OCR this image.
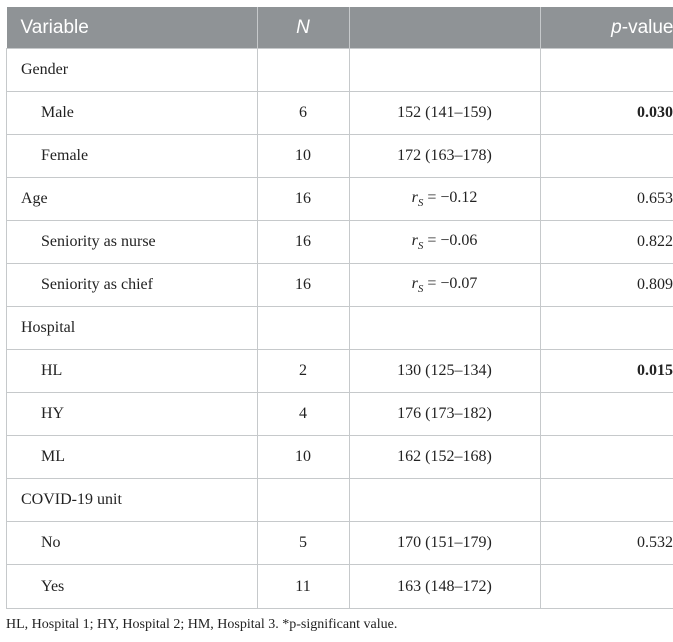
Variable	N		p-value
Gender			
Male	6	152 (141–159)	0.030
Female	10	172 (163–178)	
Age	16	$r_S = -0.12$	0.653
Seniority as nurse	16	$r_S = -0.06$	0.822
Seniority as chief	16	$r_S = -0.07$	0.809
Hospital			
HL	2	130 (125–134)	0.015
HY	4	176 (173–182)	
ML	10	162 (152–168)	
COVID-19 unit			
No	5	170 (151–179)	0.532
Yes	11	163 (148–172)	
HL, Hospital 1; HY, Hospital 2; HM, Hospital 3. *p-significant value.
